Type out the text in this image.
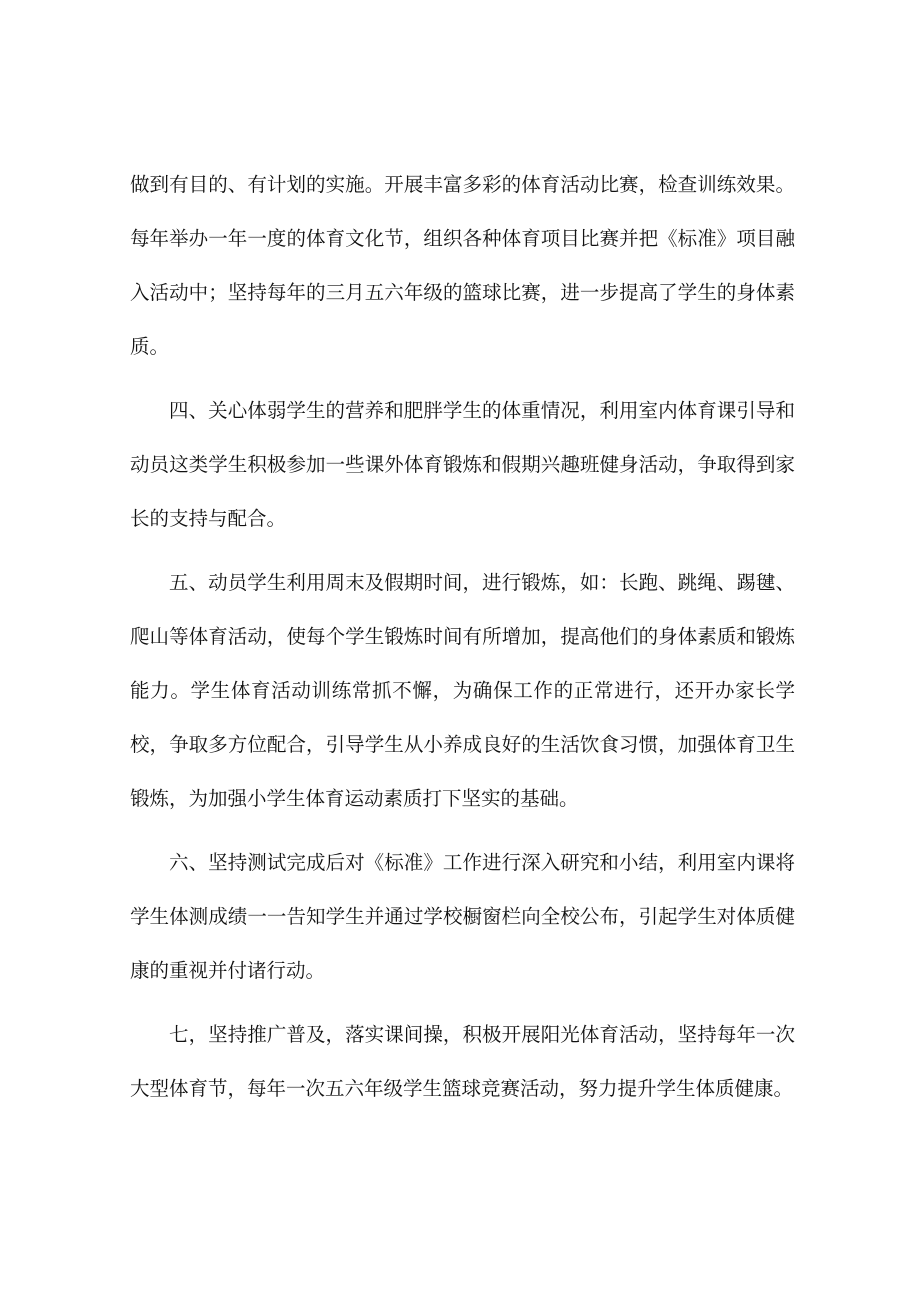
做到有目的、有计划的实施。开展丰富多彩的体育活动比赛，检查训练效果。每年举办一年一度的体育文化节，组织各种体育项目比赛并把《标准》项目融入活动中；坚持每年的三月五六年级的篮球比赛，进一步提高了学生的身体素质。

四、关心体弱学生的营养和肥胖学生的体重情况，利用室内体育课引导和动员这类学生积极参加一些课外体育锻炼和假期兴趣班健身活动，争取得到家长的支持与配合。

五、动员学生利用周末及假期时间，进行锻炼，如：长跑、跳绳、踢毽、爬山等体育活动，使每个学生锻炼时间有所增加，提高他们的身体素质和锻炼能力。学生体育活动训练常抓不懈，为确保工作的正常进行，还开办家长学校，争取多方位配合，引导学生从小养成良好的生活饮食习惯，加强体育卫生锻炼，为加强小学生体育运动素质打下坚实的基础。

六、坚持测试完成后对《标准》工作进行深入研究和小结，利用室内课将学生体测成绩一一告知学生并通过学校橱窗栏向全校公布，引起学生对体质健康的重视并付诸行动。

七，坚持推广普及，落实课间操，积极开展阳光体育活动，坚持每年一次大型体育节，每年一次五六年级学生篮球竞赛活动，努力提升学生体质健康。
